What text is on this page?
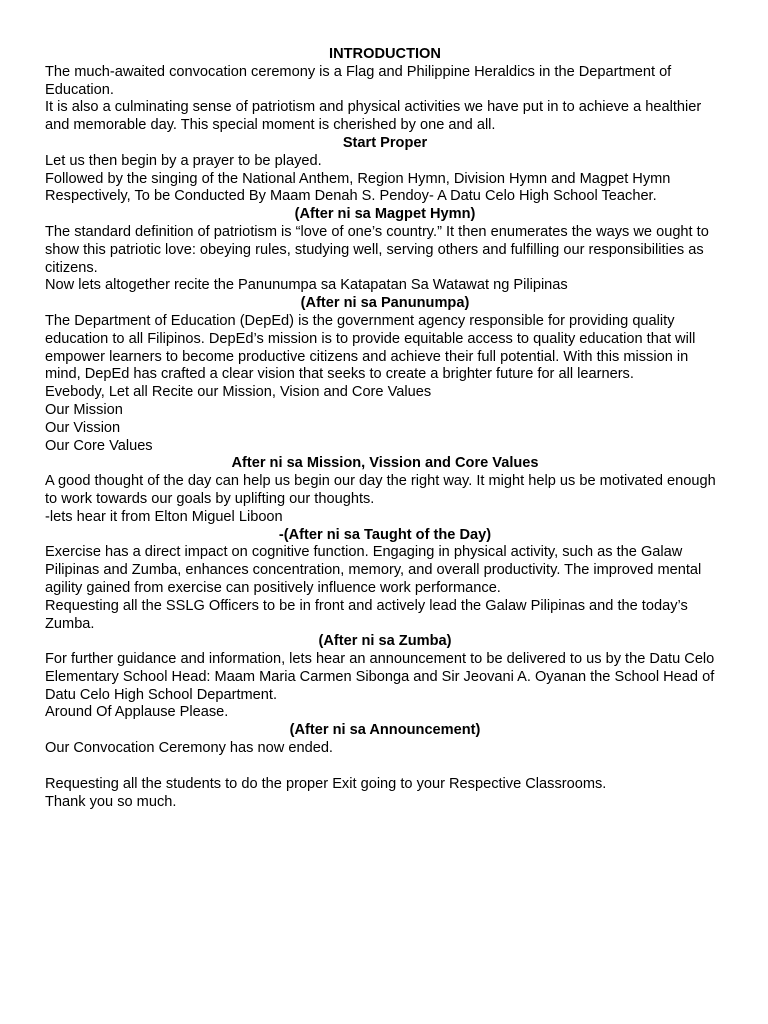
INTRODUCTION

The much-awaited convocation ceremony is a Flag and Philippine Heraldics in the Department of Education.

It is also a culminating sense of patriotism and physical activities we have put in to achieve a healthier and memorable day. This special moment is cherished by one and all.

Start Proper

Let us then begin by a prayer to be played.

Followed by the singing of the National Anthem, Region Hymn, Division Hymn and Magpet Hymn Respectively, To be Conducted By Maam Denah S. Pendoy- A Datu Celo High School Teacher.

(After ni sa Magpet Hymn)

The standard definition of patriotism is “love of one’s country.” It then enumerates the ways we ought to show this patriotic love: obeying rules, studying well, serving others and fulfilling our responsibilities as citizens.

Now lets altogether recite the Panunumpa sa Katapatan Sa Watawat ng Pilipinas

(After ni sa Panunumpa)

The Department of Education (DepEd) is the government agency responsible for providing quality education to all Filipinos. DepEd’s mission is to provide equitable access to quality education that will empower learners to become productive citizens and achieve their full potential. With this mission in mind, DepEd has crafted a clear vision that seeks to create a brighter future for all learners.

Evebody, Let all Recite our Mission, Vision and Core Values

Our Mission

Our Vission

Our Core Values

After ni sa Mission, Vission and Core Values

A good thought of the day can help us begin our day the right way. It might help us be motivated enough to work towards our goals by uplifting our thoughts.

-lets hear it from Elton Miguel Liboon

-(After ni sa Taught of the Day)

Exercise has a direct impact on cognitive function. Engaging in physical activity, such as the Galaw Pilipinas and Zumba, enhances concentration, memory, and overall productivity. The improved mental agility gained from exercise can positively influence work performance.

Requesting all the SSLG Officers to be in front and actively lead the Galaw Pilipinas and the today’s Zumba.

(After ni sa Zumba)

For further guidance and information, lets hear an announcement to be delivered to us by the Datu Celo Elementary School Head: Maam Maria Carmen Sibonga and Sir Jeovani A. Oyanan the School Head of Datu Celo High School Department.

Around Of Applause Please.

(After ni sa Announcement)

Our Convocation Ceremony has now ended.

Requesting all the students to do the proper Exit going to your Respective Classrooms.

Thank you so much.
